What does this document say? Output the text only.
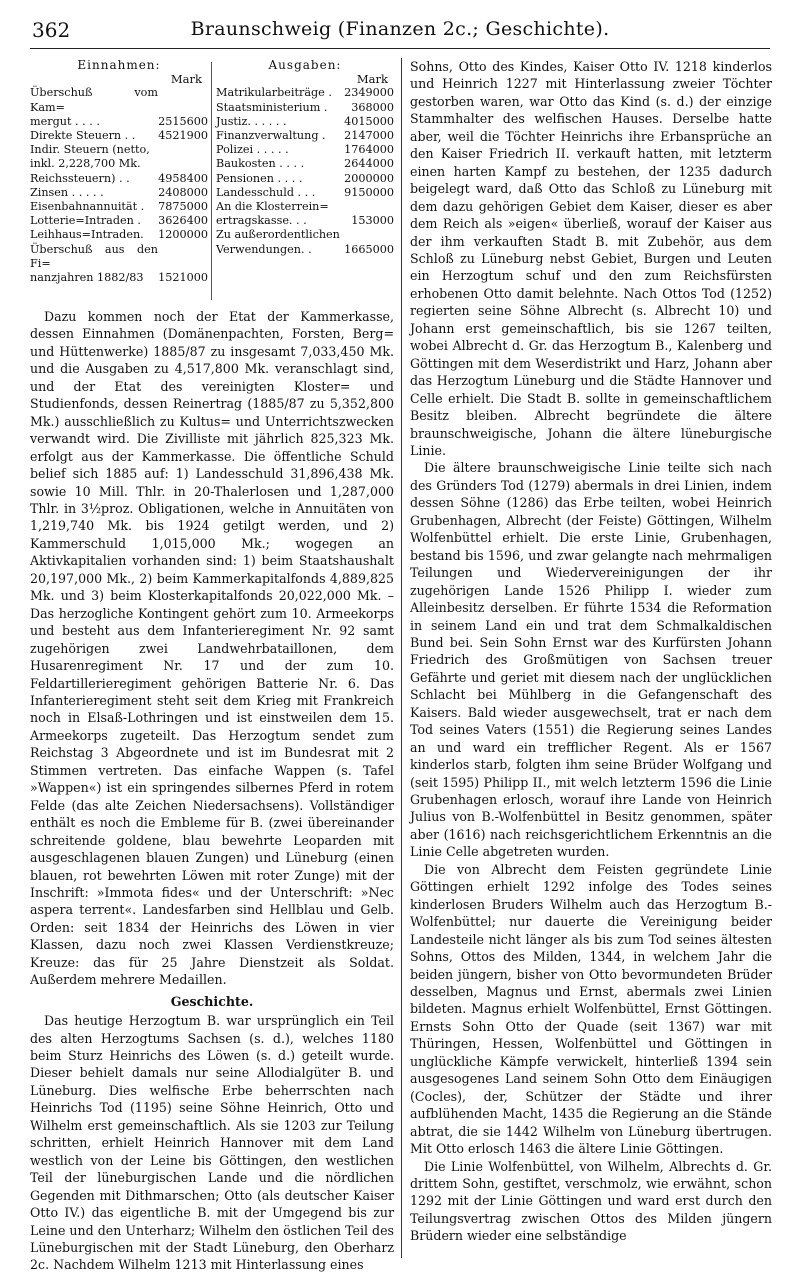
362	Braunschweig (Finanzen 2c.; Geschichte).
Einnahmen:
Mark
Überschuß vom Kam=
mergut . . . .	2515600
Direkte Steuern . .	4521900
Indir. Steuern (netto,
inkl. 2,228,700 Mk.
Reichssteuern) . .	4958400
Zinsen . . . . .	2408000
Eisenbahnannuität .	7875000
Lotterie=Intraden .	3626400
Leihhaus=Intraden.	1200000
Überschuß aus den Fi=
nanzjahren 1882/83	1521000
Ausgaben:
Mark
Matrikularbeiträge .	2349000
Staatsministerium .	368000
Justiz. . . . . .	4015000
Finanzverwaltung .	2147000
Polizei . . . . .	1764000
Baukosten . . . .	2644000
Pensionen . . . .	2000000
Landesschuld . . .	9150000
An die Klosterrein=
ertragskasse. . .	153000
Zu außerordentlichen
Verwendungen. .	1665000

Dazu kommen noch der Etat der Kammerkasse, dessen Einnahmen (Domänenpachten, Forsten, Berg= und Hüttenwerke) 1885/87 zu insgesamt 7,033,450 Mk. und die Ausgaben zu 4,517,800 Mk. veranschlagt sind, und der Etat des vereinigten Kloster= und Studienfonds, dessen Reinertrag (1885/87 zu 5,352,800 Mk.) ausschließlich zu Kultus= und Unterrichtszwecken verwandt wird. Die Zivilliste mit jährlich 825,323 Mk. erfolgt aus der Kammerkasse. Die öffentliche Schuld belief sich 1885 auf: 1) Landesschuld 31,896,438 Mk. sowie 10 Mill. Thlr. in 20-Thalerlosen und 1,287,000 Thlr. in 3½proz. Obligationen, welche in Annuitäten von 1,219,740 Mk. bis 1924 getilgt werden, und 2) Kammerschuld 1,015,000 Mk.; wogegen an Aktivkapitalien vorhanden sind: 1) beim Staatshaushalt 20,197,000 Mk., 2) beim Kammerkapitalfonds 4,889,825 Mk. und 3) beim Klosterkapitalfonds 20,022,000 Mk. – Das herzogliche Kontingent gehört zum 10. Armeekorps und besteht aus dem Infanterieregiment Nr. 92 samt zugehörigen zwei Landwehrbataillonen, dem Husarenregiment Nr. 17 und der zum 10. Feldartillerieregiment gehörigen Batterie Nr. 6. Das Infanterieregiment steht seit dem Krieg mit Frankreich noch in Elsaß-Lothringen und ist einstweilen dem 15. Armeekorps zugeteilt. Das Herzogtum sendet zum Reichstag 3 Abgeordnete und ist im Bundesrat mit 2 Stimmen vertreten. Das einfache Wappen (s. Tafel »Wappen«) ist ein springendes silbernes Pferd in rotem Felde (das alte Zeichen Niedersachsens). Vollständiger enthält es noch die Embleme für B. (zwei übereinander schreitende goldene, blau bewehrte Leoparden mit ausgeschlagenen blauen Zungen) und Lüneburg (einen blauen, rot bewehrten Löwen mit roter Zunge) mit der Inschrift: »Immota fides« und der Unterschrift: »Nec aspera terrent«. Landesfarben sind Hellblau und Gelb. Orden: seit 1834 der Heinrichs des Löwen in vier Klassen, dazu noch zwei Klassen Verdienstkreuze; Kreuze: das für 25 Jahre Dienstzeit als Soldat. Außerdem mehrere Medaillen.

Geschichte.

Das heutige Herzogtum B. war ursprünglich ein Teil des alten Herzogtums Sachsen (s. d.), welches 1180 beim Sturz Heinrichs des Löwen (s. d.) geteilt wurde. Dieser behielt damals nur seine Allodialgüter B. und Lüneburg. Dies welfische Erbe beherrschten nach Heinrichs Tod (1195) seine Söhne Heinrich, Otto und Wilhelm erst gemeinschaftlich. Als sie 1203 zur Teilung schritten, erhielt Heinrich Hannover mit dem Land westlich von der Leine bis Göttingen, den westlichen Teil der lüneburgischen Lande und die nördlichen Gegenden mit Dithmarschen; Otto (als deutscher Kaiser Otto IV.) das eigentliche B. mit der Umgegend bis zur Leine und den Unterharz; Wilhelm den östlichen Teil des Lüneburgischen mit der Stadt Lüneburg, den Oberharz 2c. Nachdem Wilhelm 1213 mit Hinterlassung eines

Sohns, Otto des Kindes, Kaiser Otto IV. 1218 kinderlos und Heinrich 1227 mit Hinterlassung zweier Töchter gestorben waren, war Otto das Kind (s. d.) der einzige Stammhalter des welfischen Hauses. Derselbe hatte aber, weil die Töchter Heinrichs ihre Erbansprüche an den Kaiser Friedrich II. verkauft hatten, mit letzterm einen harten Kampf zu bestehen, der 1235 dadurch beigelegt ward, daß Otto das Schloß zu Lüneburg mit dem dazu gehörigen Gebiet dem Kaiser, dieser es aber dem Reich als »eigen« überließ, worauf der Kaiser aus der ihm verkauften Stadt B. mit Zubehör, aus dem Schloß zu Lüneburg nebst Gebiet, Burgen und Leuten ein Herzogtum schuf und den zum Reichsfürsten erhobenen Otto damit belehnte. Nach Ottos Tod (1252) regierten seine Söhne Albrecht (s. Albrecht 10) und Johann erst gemeinschaftlich, bis sie 1267 teilten, wobei Albrecht d. Gr. das Herzogtum B., Kalenberg und Göttingen mit dem Weserdistrikt und Harz, Johann aber das Herzogtum Lüneburg und die Städte Hannover und Celle erhielt. Die Stadt B. sollte in gemeinschaftlichem Besitz bleiben. Albrecht begründete die ältere braunschweigische, Johann die ältere lüneburgische Linie.

Die ältere braunschweigische Linie teilte sich nach des Gründers Tod (1279) abermals in drei Linien, indem dessen Söhne (1286) das Erbe teilten, wobei Heinrich Grubenhagen, Albrecht (der Feiste) Göttingen, Wilhelm Wolfenbüttel erhielt. Die erste Linie, Grubenhagen, bestand bis 1596, und zwar gelangte nach mehrmaligen Teilungen und Wiedervereinigungen der ihr zugehörigen Lande 1526 Philipp I. wieder zum Alleinbesitz derselben. Er führte 1534 die Reformation in seinem Land ein und trat dem Schmalkaldischen Bund bei. Sein Sohn Ernst war des Kurfürsten Johann Friedrich des Großmütigen von Sachsen treuer Gefährte und geriet mit diesem nach der unglücklichen Schlacht bei Mühlberg in die Gefangenschaft des Kaisers. Bald wieder ausgewechselt, trat er nach dem Tod seines Vaters (1551) die Regierung seines Landes an und ward ein trefflicher Regent. Als er 1567 kinderlos starb, folgten ihm seine Brüder Wolfgang und (seit 1595) Philipp II., mit welch letzterm 1596 die Linie Grubenhagen erlosch, worauf ihre Lande von Heinrich Julius von B.-Wolfenbüttel in Besitz genommen, später aber (1616) nach reichsgerichtlichem Erkenntnis an die Linie Celle abgetreten wurden.

Die von Albrecht dem Feisten gegründete Linie Göttingen erhielt 1292 infolge des Todes seines kinderlosen Bruders Wilhelm auch das Herzogtum B.-Wolfenbüttel; nur dauerte die Vereinigung beider Landesteile nicht länger als bis zum Tod seines ältesten Sohns, Ottos des Milden, 1344, in welchem Jahr die beiden jüngern, bisher von Otto bevormundeten Brüder desselben, Magnus und Ernst, abermals zwei Linien bildeten. Magnus erhielt Wolfenbüttel, Ernst Göttingen. Ernsts Sohn Otto der Quade (seit 1367) war mit Thüringen, Hessen, Wolfenbüttel und Göttingen in unglückliche Kämpfe verwickelt, hinterließ 1394 sein ausgesogenes Land seinem Sohn Otto dem Einäugigen (Cocles), der, Schützer der Städte und ihrer aufblühenden Macht, 1435 die Regierung an die Stände abtrat, die sie 1442 Wilhelm von Lüneburg übertrugen. Mit Otto erlosch 1463 die ältere Linie Göttingen.

Die Linie Wolfenbüttel, von Wilhelm, Albrechts d. Gr. drittem Sohn, gestiftet, verschmolz, wie erwähnt, schon 1292 mit der Linie Göttingen und ward erst durch den Teilungsvertrag zwischen Ottos des Milden jüngern Brüdern wieder eine selbständige
